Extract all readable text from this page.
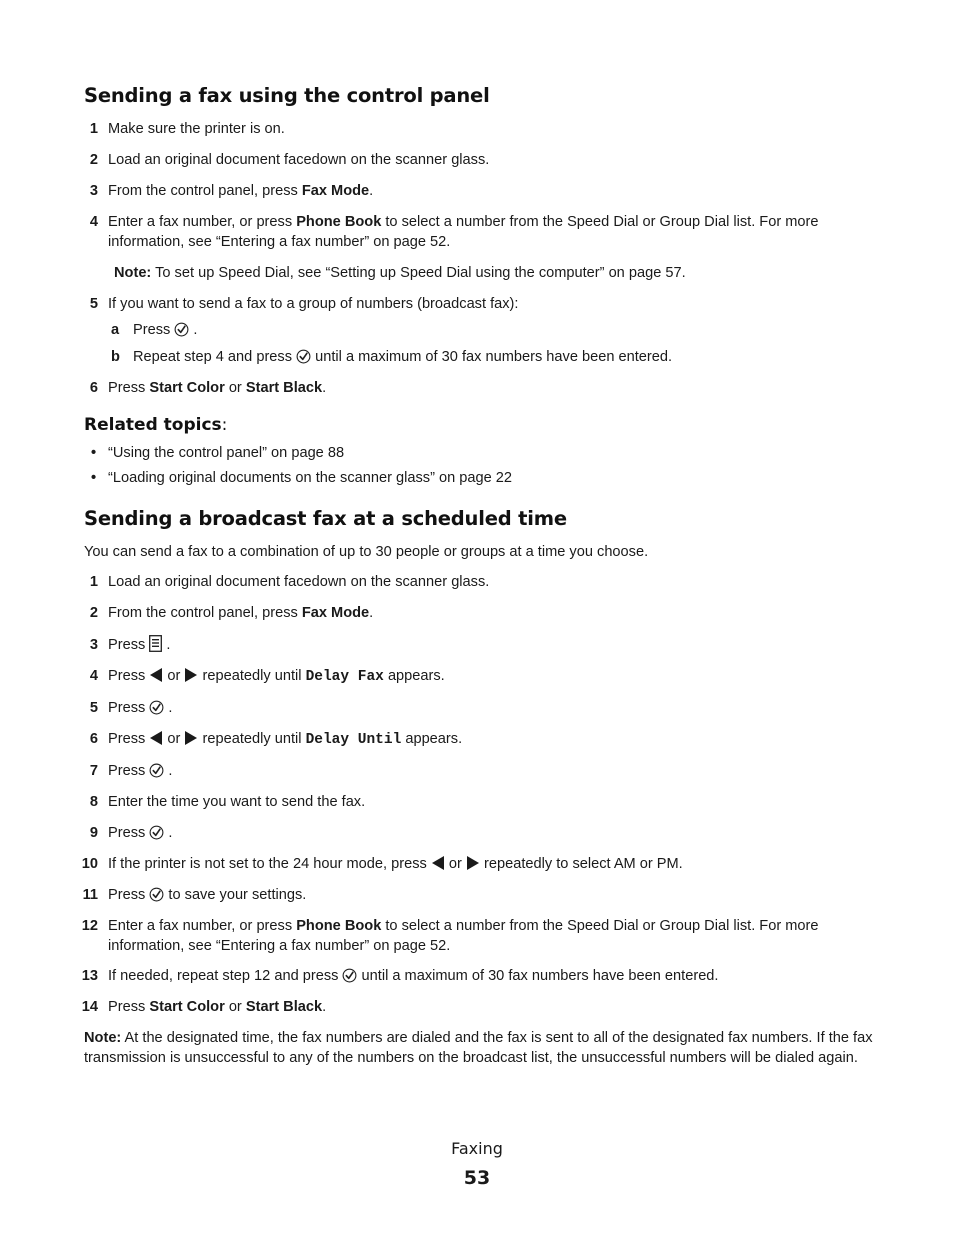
Sending a fax using the control panel
1 Make sure the printer is on.
2 Load an original document facedown on the scanner glass.
3 From the control panel, press Fax Mode.
4 Enter a fax number, or press Phone Book to select a number from the Speed Dial or Group Dial list. For more information, see “Entering a fax number” on page 52.
Note: To set up Speed Dial, see “Setting up Speed Dial using the computer” on page 57.
5 If you want to send a fax to a group of numbers (broadcast fax):
a Press  .
b Repeat step 4 and press  until a maximum of 30 fax numbers have been entered.
6 Press Start Color or Start Black.
Related topics:
• “Using the control panel” on page 88
• “Loading original documents on the scanner glass” on page 22
Sending a broadcast fax at a scheduled time
You can send a fax to a combination of up to 30 people or groups at a time you choose.
1 Load an original document facedown on the scanner glass.
2 From the control panel, press Fax Mode.
3 Press  .
4 Press  or  repeatedly until Delay Fax appears.
5 Press  .
6 Press  or  repeatedly until Delay Until appears.
7 Press  .
8 Enter the time you want to send the fax.
9 Press  .
10 If the printer is not set to the 24 hour mode, press  or  repeatedly to select AM or PM.
11 Press  to save your settings.
12 Enter a fax number, or press Phone Book to select a number from the Speed Dial or Group Dial list. For more information, see “Entering a fax number” on page 52.
13 If needed, repeat step 12 and press  until a maximum of 30 fax numbers have been entered.
14 Press Start Color or Start Black.
Note: At the designated time, the fax numbers are dialed and the fax is sent to all of the designated fax numbers. If the fax transmission is unsuccessful to any of the numbers on the broadcast list, the unsuccessful numbers will be dialed again.
Faxing
53
